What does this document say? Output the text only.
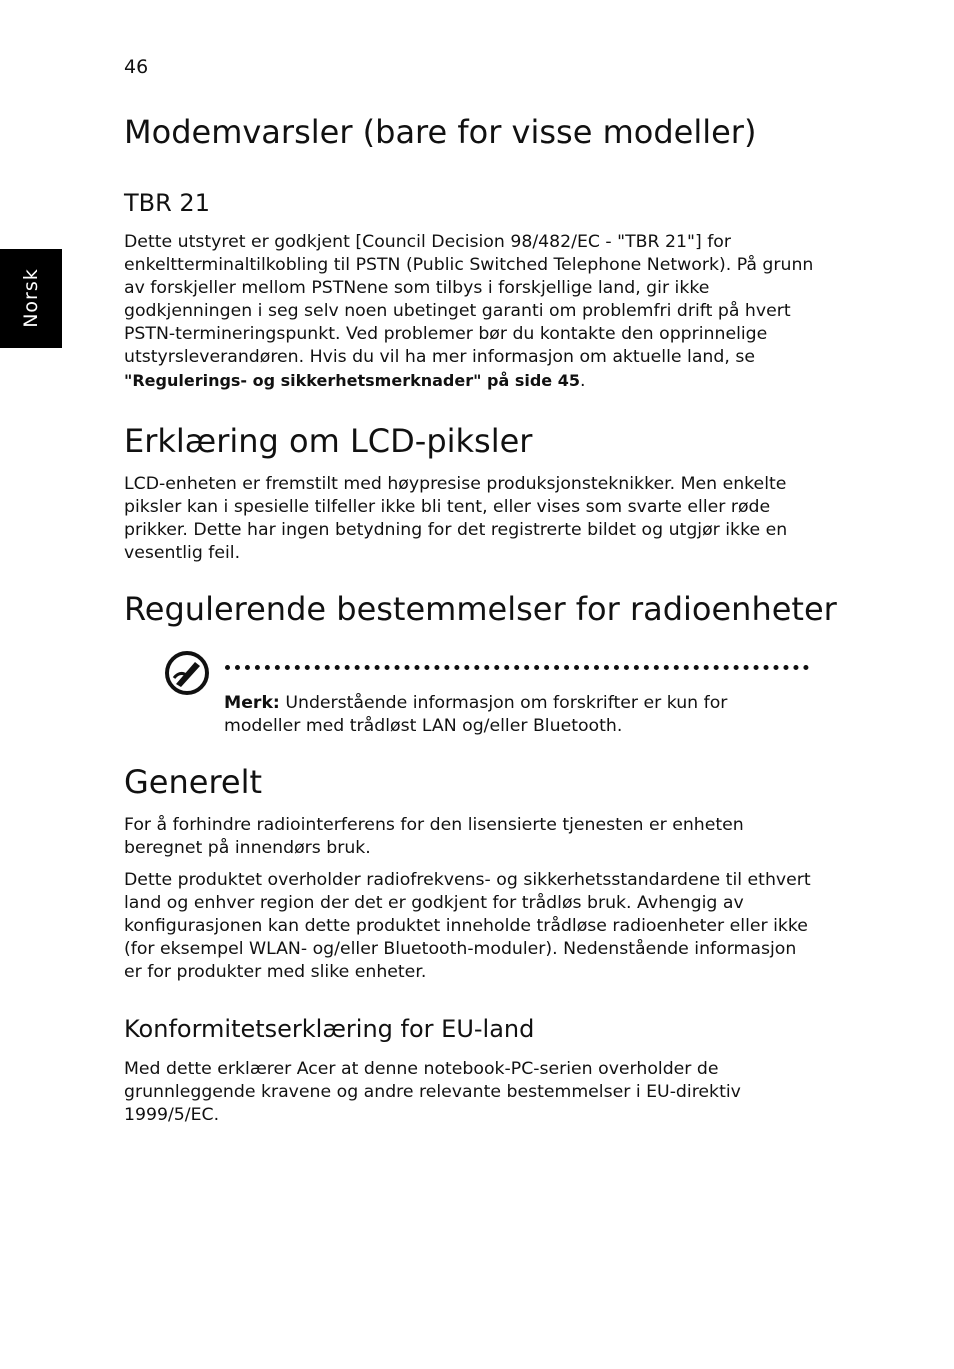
46
Norsk
Modemvarsler (bare for visse modeller)
TBR 21

Dette utstyret er godkjent [Council Decision 98/482/EC - "TBR 21"] for enkeltterminaltilkobling til PSTN (Public Switched Telephone Network). På grunn av forskjeller mellom PSTNene som tilbys i forskjellige land, gir ikke godkjenningen i seg selv noen ubetinget garanti om problemfri drift på hvert PSTN-termineringspunkt. Ved problemer bør du kontakte den opprinnelige utstyrsleverandøren. Hvis du vil ha mer informasjon om aktuelle land, se
"Regulerings- og sikkerhetsmerknader" på side 45.

Erklæring om LCD-piksler

LCD-enheten er fremstilt med høypresise produksjonsteknikker. Men enkelte piksler kan i spesielle tilfeller ikke bli tent, eller vises som svarte eller røde prikker. Dette har ingen betydning for det registrerte bildet og utgjør ikke en vesentlig feil.

Regulerende bestemmelser for radioenheter

Merk: Understående informasjon om forskrifter er kun for modeller med trådløst LAN og/eller Bluetooth.

Generelt

For å forhindre radiointerferens for den lisensierte tjenesten er enheten beregnet på innendørs bruk.

Dette produktet overholder radiofrekvens- og sikkerhetsstandardene til ethvert land og enhver region der det er godkjent for trådløs bruk. Avhengig av konfigurasjonen kan dette produktet inneholde trådløse radioenheter eller ikke (for eksempel WLAN- og/eller Bluetooth-moduler). Nedenstående informasjon er for produkter med slike enheter.

Konformitetserklæring for EU-land

Med dette erklærer Acer at denne notebook-PC-serien overholder de grunnleggende kravene og andre relevante bestemmelser i EU-direktiv 1999/5/EC.
